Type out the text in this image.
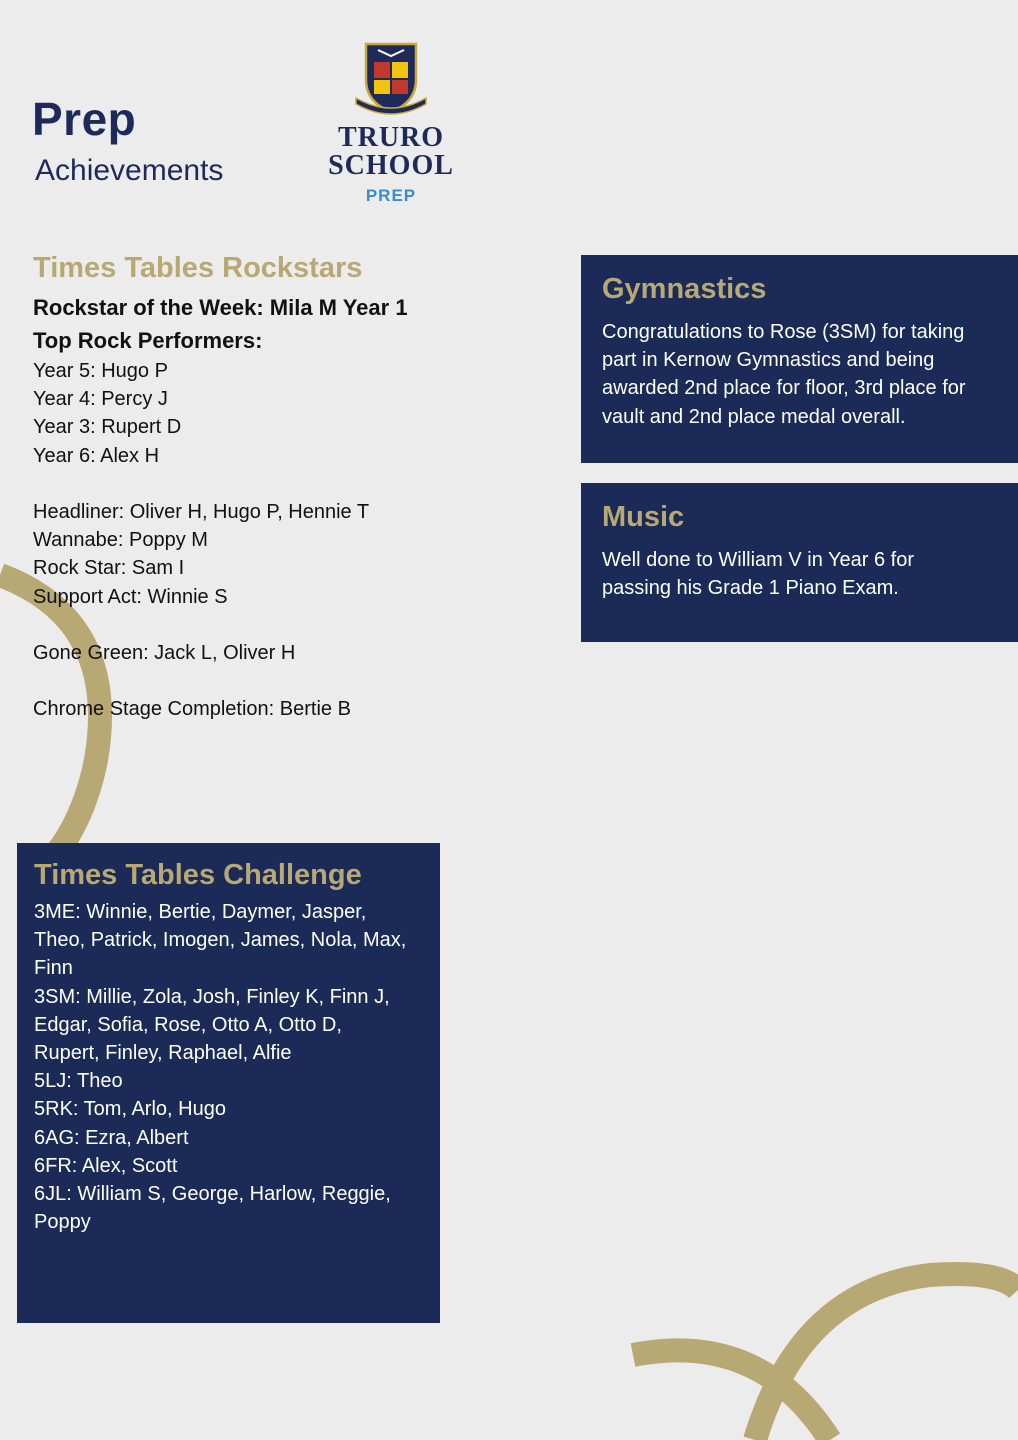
Prep
Achievements
TRURO
SCHOOL
PREP
Times Tables Rockstars

Rockstar of the Week: Mila M Year 1

Top Rock Performers:

Year 5: Hugo P

Year 4: Percy J

Year 3: Rupert D

Year 6: Alex H

Headliner: Oliver H, Hugo P, Hennie T

Wannabe: Poppy M

Rock Star: Sam I

Support Act: Winnie S

Gone Green: Jack L, Oliver H

Chrome Stage Completion: Bertie B

Gymnastics

Congratulations to Rose (3SM) for taking

part in Kernow Gymnastics and being

awarded 2nd place for floor, 3rd place for

vault and 2nd place medal overall.

Music

Well done to William V in Year 6 for

passing his Grade 1 Piano Exam.

Times Tables Challenge

3ME: Winnie, Bertie, Daymer, Jasper,

Theo, Patrick, Imogen, James, Nola, Max,

Finn

3SM: Millie, Zola, Josh, Finley K, Finn J,

Edgar, Sofia, Rose, Otto A, Otto D,

Rupert, Finley, Raphael, Alfie

5LJ: Theo

5RK: Tom, Arlo, Hugo

6AG: Ezra, Albert

6FR: Alex, Scott

6JL: William S, George, Harlow, Reggie,

Poppy
